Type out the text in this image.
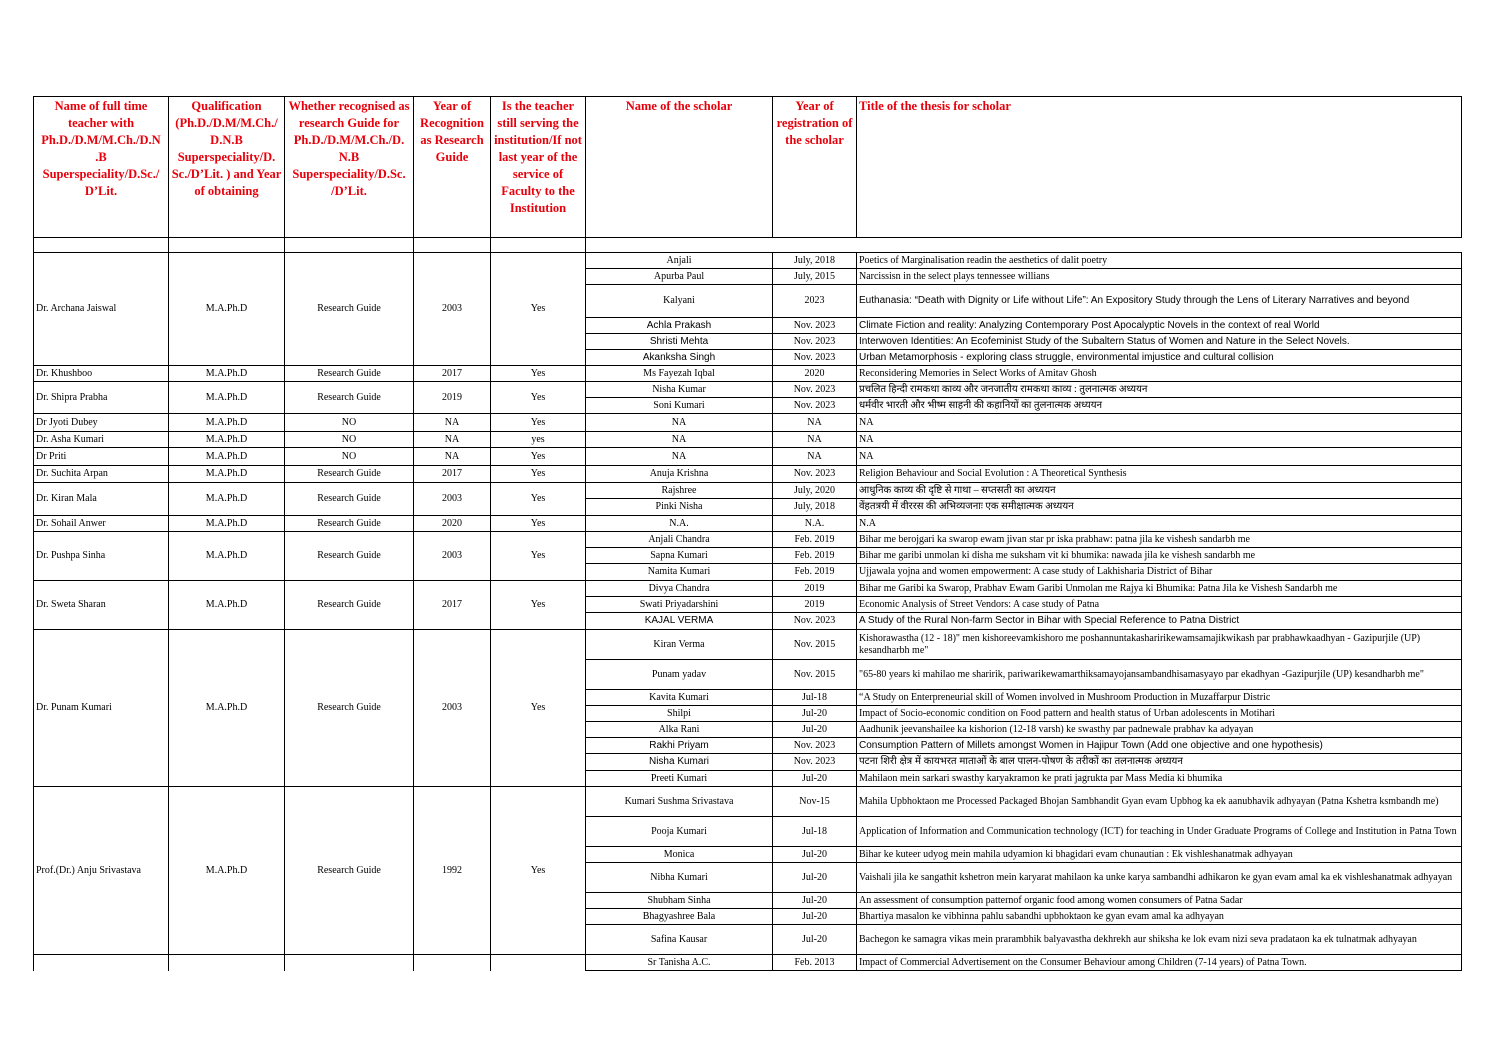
Name of full time teacher with Ph.D./D.M/M.Ch./D.N .B Superspeciality/D.Sc./ D’Lit.	Qualification (Ph.D./D.M/M.Ch./ D.N.B Superspeciality/D. Sc./D’Lit. ) and Year of obtaining	Whether recognised as research Guide for Ph.D./D.M/M.Ch./D. N.B Superspeciality/D.Sc. /D’Lit.	Year of Recognition as Research Guide	Is the teacher still serving the institution/If not last year of the service of Faculty to the Institution	Name of the scholar	Year of registration of the scholar	Title of the thesis for scholar

Dr. Archana Jaiswal	M.A.Ph.D	Research Guide	2003	Yes	Anjali	July, 2018	Poetics of Marginalisation readin the aesthetics of dalit poetry
					Apurba Paul	July, 2015	Narcissisn in the select plays tennessee willians
					Kalyani	2023	Euthanasia: “Death with Dignity or Life without Life”: An Expository Study through the Lens of Literary Narratives and beyond
					Achla Prakash	Nov. 2023	Climate Fiction and reality: Analyzing Contemporary Post Apocalyptic Novels in the context of real World
					Shristi Mehta	Nov. 2023	Interwoven Identities: An Ecofeminist Study of the Subaltern Status of Women and Nature in the Select Novels.
					Akanksha Singh	Nov. 2023	Urban Metamorphosis - exploring class struggle, environmental imjustice and cultural collision
Dr. Khushboo	M.A.Ph.D	Research Guide	2017	Yes	Ms Fayezah Iqbal	2020	Reconsidering Memories in Select Works of Amitav Ghosh
Dr. Shipra Prabha	M.A.Ph.D	Research Guide	2019	Yes	Nisha Kumar	Nov. 2023	प्रचलित हिन्दी रामकथा काव्य और जनजातीय रामकथा काव्य : तुलनात्मक अध्ययन
					Soni Kumari	Nov. 2023	धर्मवीर भारती और भीष्म साहनी की कहानियों का तुलनात्मक अध्ययन
Dr Jyoti Dubey	M.A.Ph.D	NO	NA	Yes	NA	NA	NA
Dr. Asha Kumari	M.A.Ph.D	NO	NA	yes	NA	NA	NA
Dr Priti	M.A.Ph.D	NO	NA	Yes	NA	NA	NA
Dr. Suchita Arpan	M.A.Ph.D	Research Guide	2017	Yes	Anuja Krishna	Nov. 2023	Religion Behaviour and Social Evolution : A Theoretical Synthesis
Dr. Kiran Mala	M.A.Ph.D	Research Guide	2003	Yes	Rajshree	July, 2020	आधुनिक काव्य की दृष्टि से गाथा – सप्तसती का अध्ययन
					Pinki Nisha	July, 2018	वेंहतत्रयी में वीररस की अभिव्यजनाः एक समीक्षात्मक अध्ययन
Dr. Sohail Anwer	M.A.Ph.D	Research Guide	2020	Yes	N.A.	N.A.	N.A
Dr. Pushpa Sinha	M.A.Ph.D	Research Guide	2003	Yes	Anjali Chandra	Feb. 2019	Bihar me berojgari ka swarop ewam jivan star pr iska prabhaw: patna jila ke vishesh sandarbh me
					Sapna Kumari	Feb. 2019	Bihar me garibi unmolan ki disha me suksham vit ki bhumika: nawada jila ke vishesh sandarbh me
					Namita Kumari	Feb. 2019	Ujjawala yojna and women empowerment: A case study of Lakhisharia District of Bihar
Dr. Sweta Sharan	M.A.Ph.D	Research Guide	2017	Yes	Divya Chandra	2019	Bihar me Garibi ka Swarop, Prabhav Ewam Garibi Unmolan me Rajya ki Bhumika: Patna Jila ke Vishesh Sandarbh me
					Swati Priyadarshini	2019	Economic Analysis of Street Vendors: A case study of Patna
					KAJAL VERMA	Nov. 2023	A Study of the Rural Non-farm Sector in Bihar with Special Reference to Patna District
Dr. Punam Kumari	M.A.Ph.D	Research Guide	2003	Yes	Kiran Verma	Nov. 2015	Kishorawastha (12 - 18)" men kishoreevamkishoro me poshannuntakasharirikewamsamajikwikash par prabhawkaadhyan - Gazipurjile (UP) kesandharbh me"
					Punam yadav	Nov. 2015	"65-80 years ki mahilao me sharirik, pariwarikewamarthiksamayojansambandhisamasyayo par ekadhyan -Gazipurjile (UP) kesandharbh me"
					Kavita Kumari	Jul-18	“A Study on Enterpreneurial skill of Women involved in Mushroom Production in Muzaffarpur Distric
					Shilpi	Jul-20	Impact of Socio-economic condition on Food pattern and health status of Urban adolescents in Motihari
					Alka Rani	Jul-20	Aadhunik jeevanshailee ka kishorion (12-18 varsh) ke swasthy par padnewale prabhav ka adyayan
					Rakhi Priyam	Nov. 2023	Consumption Pattern of Millets amongst Women in Hajipur Town (Add one objective and one hypothesis)
					Nisha Kumari	Nov. 2023	पटना शिरी क्षेत्र में कायभरत माताओं के बाल पालन-पोषण के तरीकों का तलनात्मक अध्ययन
					Preeti Kumari	Jul-20	Mahilaon mein sarkari swasthy karyakramon ke prati jagrukta par Mass Media ki bhumika
Prof.(Dr.) Anju Srivastava	M.A.Ph.D	Research Guide	1992	Yes	Kumari Sushma Srivastava	Nov-15	Mahila Upbhoktaon me Processed Packaged Bhojan Sambhandit Gyan evam Upbhog ka ek aanubhavik adhyayan (Patna Kshetra ksmbandh me)
					Pooja Kumari	Jul-18	Application of Information and Communication technology (ICT) for teaching in Under Graduate Programs of College and Institution in Patna Town
					Monica	Jul-20	Bihar ke kuteer udyog mein mahila udyamion ki bhagidari evam chunautian : Ek vishleshanatmak adhyayan
					Nibha Kumari	Jul-20	Vaishali jila ke sangathit kshetron mein karyarat mahilaon ka unke karya sambandhi adhikaron ke gyan evam amal ka ek vishleshanatmak adhyayan
					Shubham Sinha	Jul-20	An assessment of consumption patternof organic food among women consumers of Patna Sadar
					Bhagyashree Bala	Jul-20	Bhartiya masalon ke vibhinna pahlu sabandhi upbhoktaon ke gyan evam amal ka adhyayan
					Safina Kausar	Jul-20	Bachegon ke samagra vikas mein prarambhik balyavastha dekhrekh aur shiksha ke lok evam nizi seva pradataon ka ek tulnatmak adhyayan
					Sr Tanisha A.C.	Feb. 2013	Impact of Commercial Advertisement on the Consumer Behaviour among Children (7-14 years) of Patna Town.
